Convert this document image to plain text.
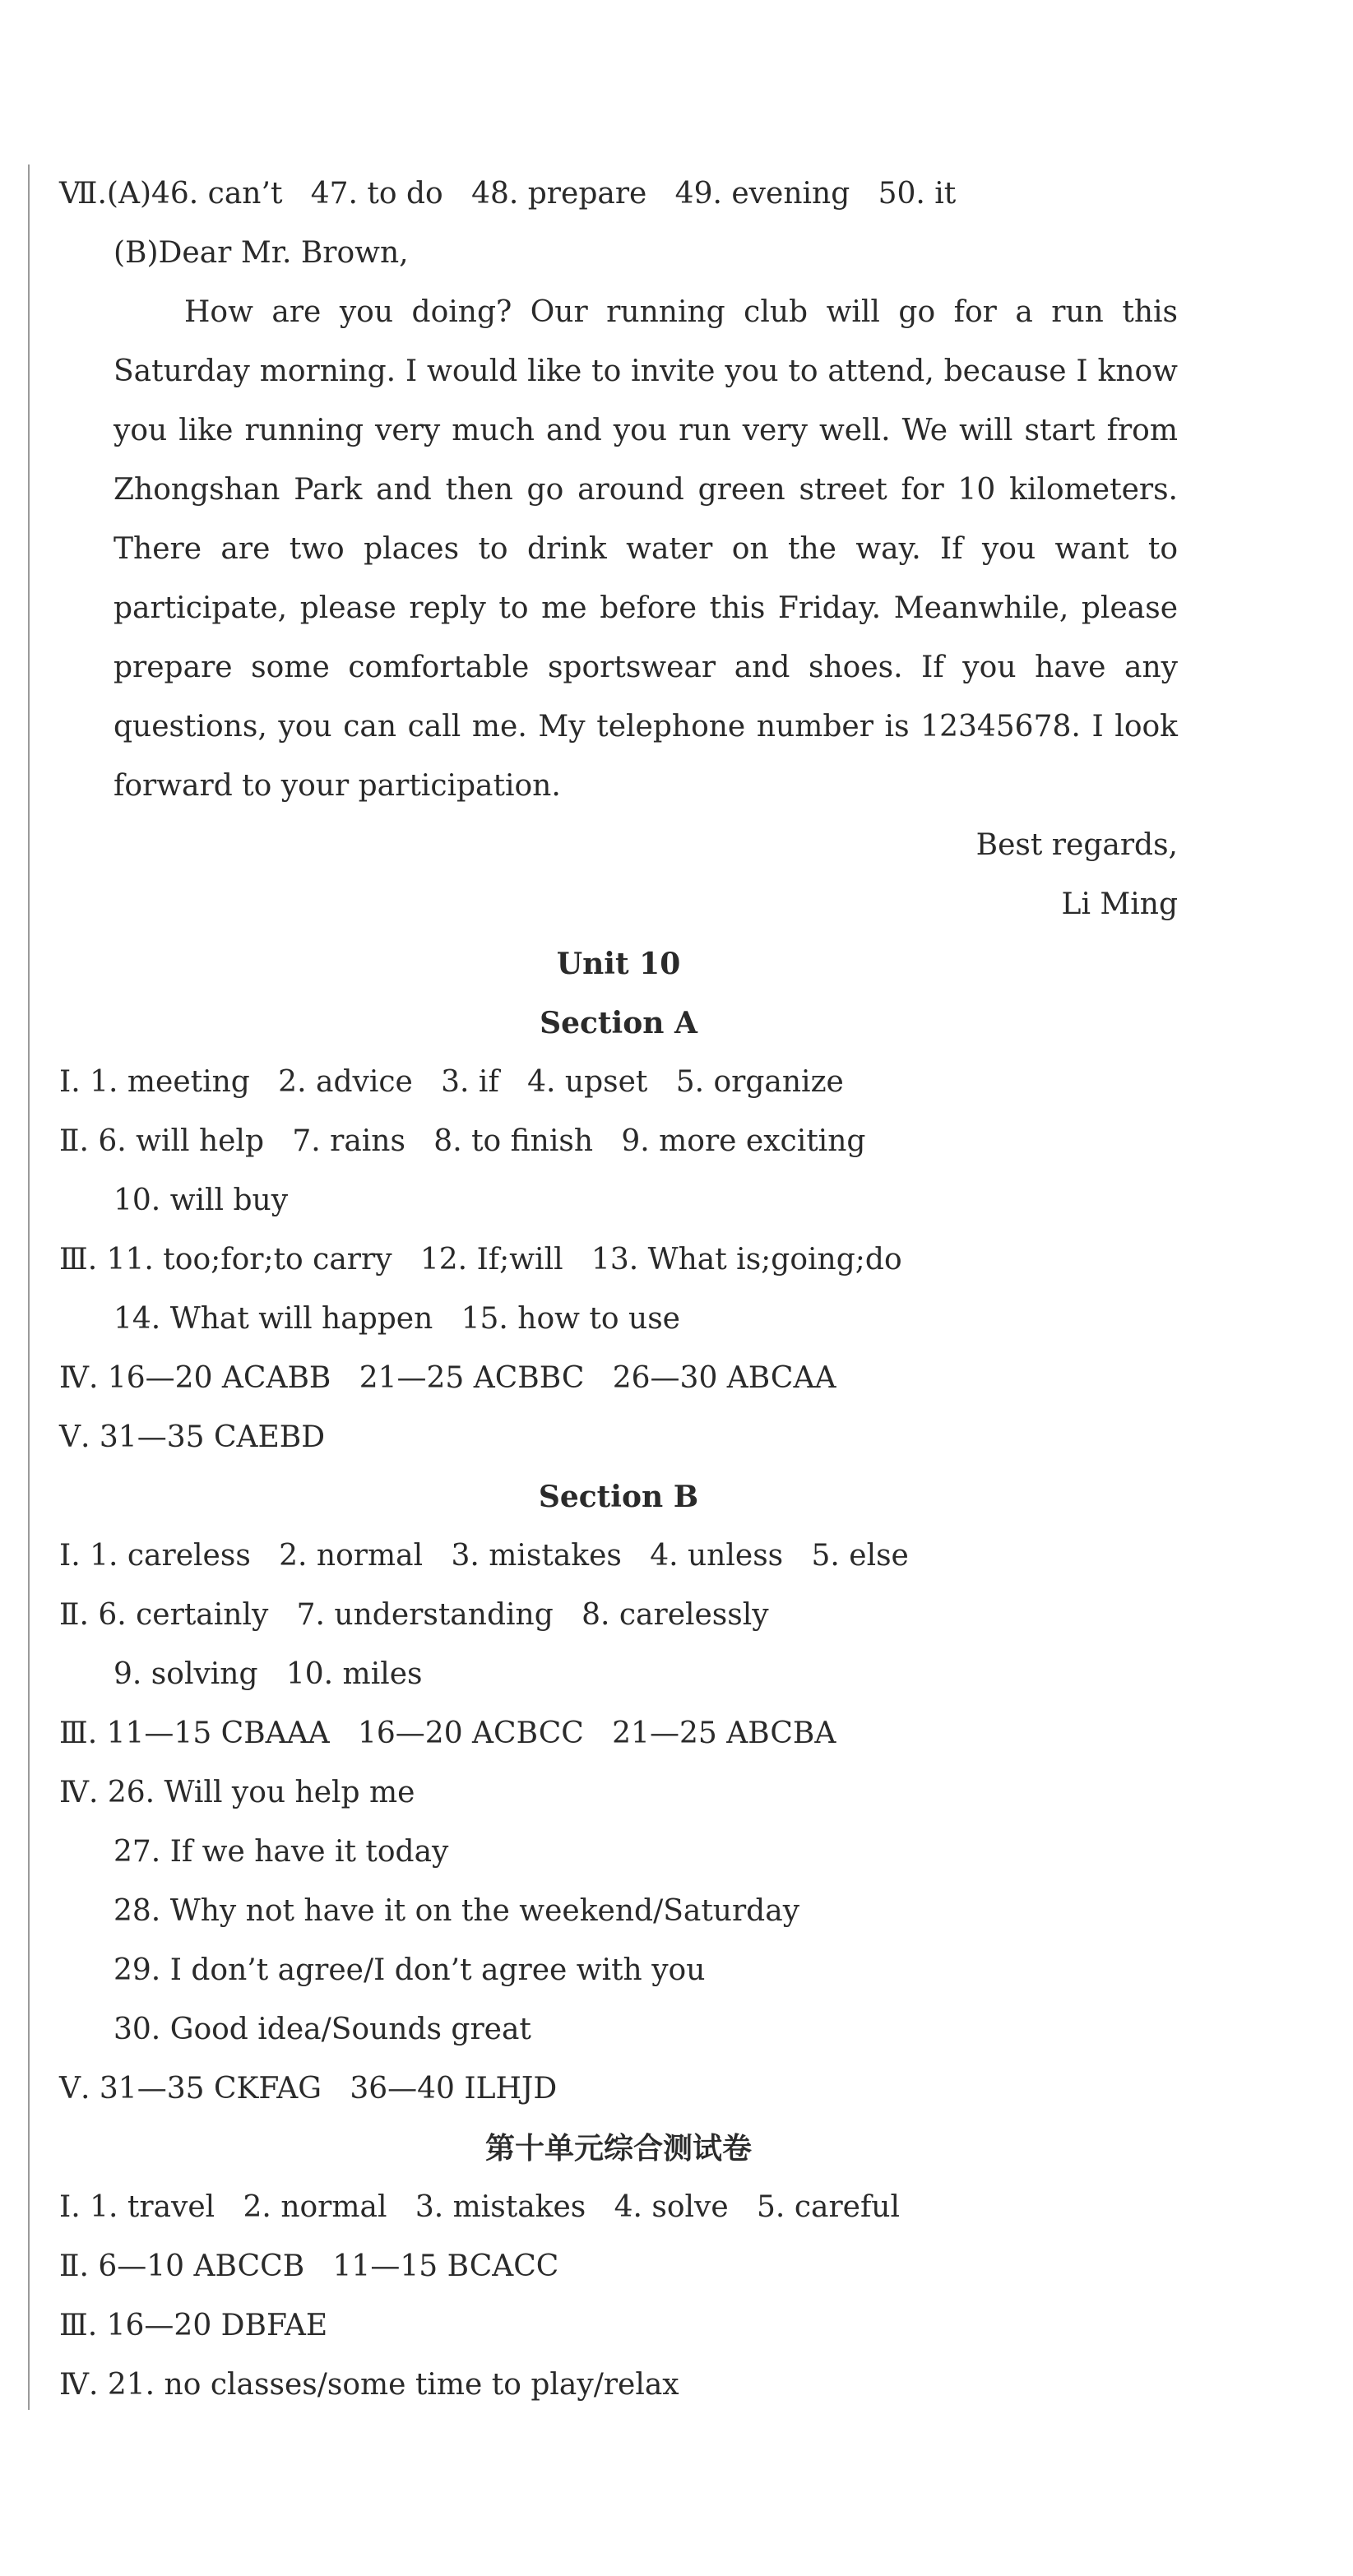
Ⅶ.(A)46. can’t   47. to do   48. prepare   49. evening   50. it
(B)Dear Mr. Brown,

How are you doing? Our running club will go for a run this Saturday morning. I would like to invite you to attend, because I know you like running very much and you run very well. We will start from Zhongshan Park and then go around green street for 10 kilometers. There are two places to drink water on the way. If you want to participate, please reply to me before this Friday. Meanwhile, please prepare some comfortable sportswear and shoes. If you have any questions, you can call me. My telephone number is 12345678. I look forward to your participation.

Best regards,
Li Ming
Unit 10
Section A
Ⅰ. 1. meeting   2. advice   3. if   4. upset   5. organize
Ⅱ. 6. will help   7. rains   8. to finish   9. more exciting
10. will buy
Ⅲ. 11. too;for;to carry   12. If;will   13. What is;going;do
14. What will happen   15. how to use
Ⅳ. 16—20 ACABB   21—25 ACBBC   26—30 ABCAA
Ⅴ. 31—35 CAEBD
Section B
Ⅰ. 1. careless   2. normal   3. mistakes   4. unless   5. else
Ⅱ. 6. certainly   7. understanding   8. carelessly
9. solving   10. miles
Ⅲ. 11—15 CBAAA   16—20 ACBCC   21—25 ABCBA
Ⅳ. 26. Will you help me
27. If we have it today
28. Why not have it on the weekend/Saturday
29. I don’t agree/I don’t agree with you
30. Good idea/Sounds great
Ⅴ. 31—35 CKFAG   36—40 ILHJD
第十单元综合测试卷
Ⅰ. 1. travel   2. normal   3. mistakes   4. solve   5. careful
Ⅱ. 6—10 ABCCB   11—15 BCACC
Ⅲ. 16—20 DBFAE
Ⅳ. 21. no classes/some time to play/relax
